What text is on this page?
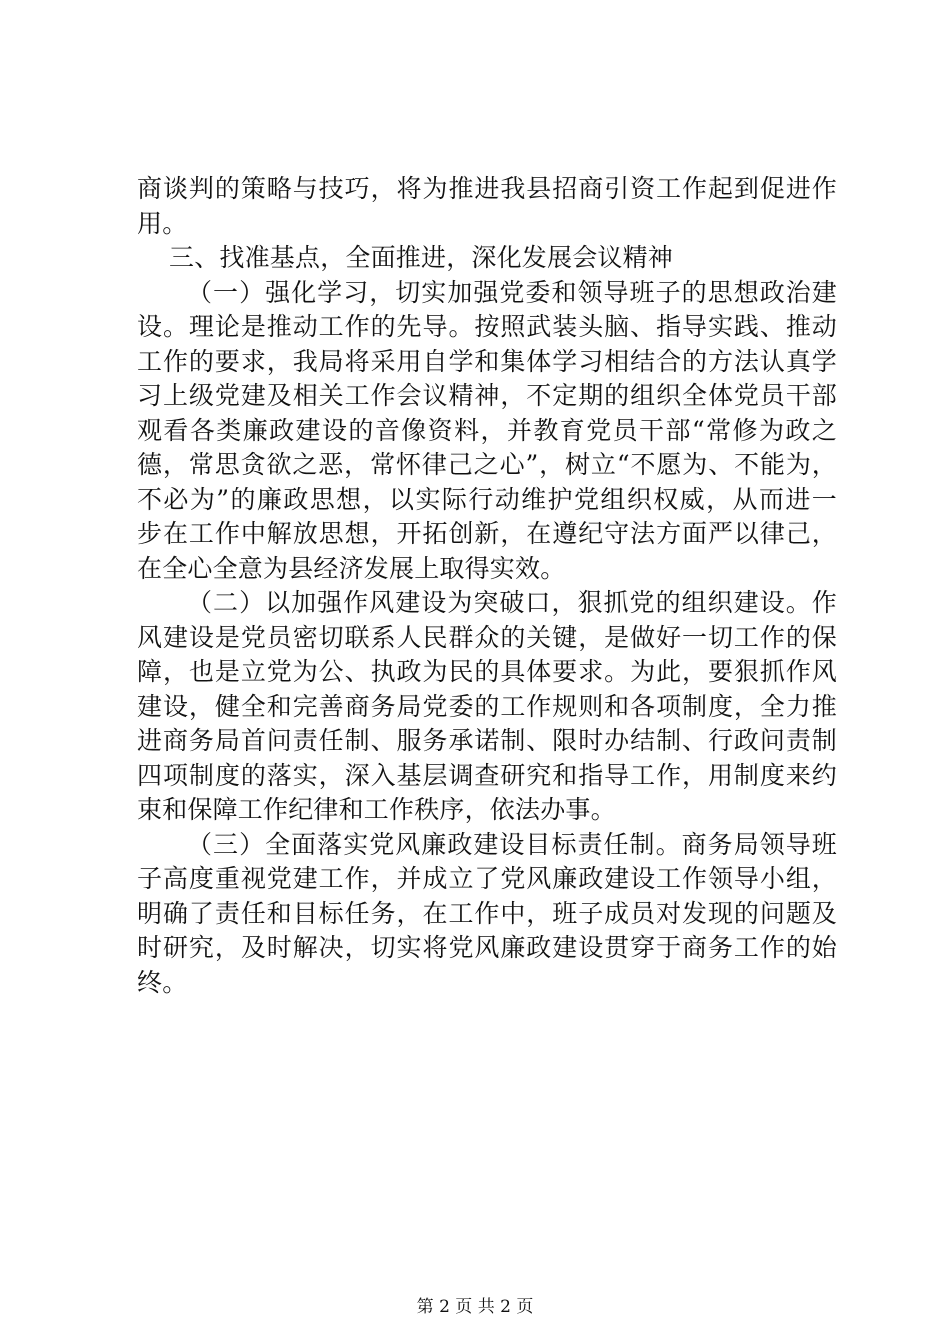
商谈判的策略与技巧，将为推进我县招商引资工作起到促进作
用。
三、找准基点，全面推进，深化发展会议精神
（一）强化学习，切实加强党委和领导班子的思想政治建
设。理论是推动工作的先导。按照武装头脑、指导实践、推动
工作的要求，我局将采用自学和集体学习相结合的方法认真学
习上级党建及相关工作会议精神，不定期的组织全体党员干部
观看各类廉政建设的音像资料，并教育党员干部“常修为政之
德，常思贪欲之恶，常怀律己之心”，树立“不愿为、不能为，
不必为”的廉政思想，以实际行动维护党组织权威，从而进一
步在工作中解放思想，开拓创新，在遵纪守法方面严以律己，
在全心全意为县经济发展上取得实效。
（二）以加强作风建设为突破口，狠抓党的组织建设。作
风建设是党员密切联系人民群众的关键，是做好一切工作的保
障，也是立党为公、执政为民的具体要求。为此，要狠抓作风
建设，健全和完善商务局党委的工作规则和各项制度，全力推
进商务局首问责任制、服务承诺制、限时办结制、行政问责制
四项制度的落实，深入基层调查研究和指导工作，用制度来约
束和保障工作纪律和工作秩序，依法办事。
（三）全面落实党风廉政建设目标责任制。商务局领导班
子高度重视党建工作，并成立了党风廉政建设工作领导小组，
明确了责任和目标任务，在工作中，班子成员对发现的问题及
时研究，及时解决，切实将党风廉政建设贯穿于商务工作的始
终。
第 2 页 共 2 页
